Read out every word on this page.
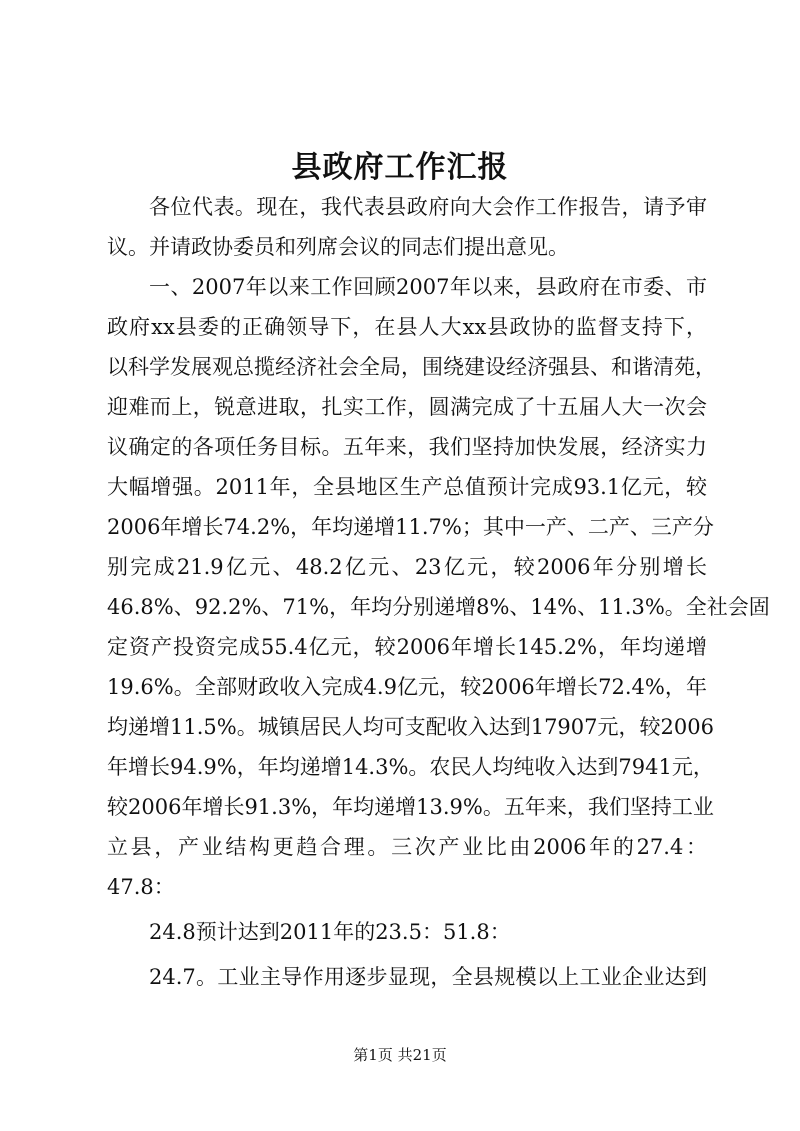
县政府工作汇报

各位代表。现在，我代表县政府向大会作工作报告，请予审

议。并请政协委员和列席会议的同志们提出意见。

一、2007年以来工作回顾2007年以来，县政府在市委、市

政府xx县委的正确领导下，在县人大xx县政协的监督支持下，

以科学发展观总揽经济社会全局，围绕建设经济强县、和谐清苑，

迎难而上，锐意进取，扎实工作，圆满完成了十五届人大一次会

议确定的各项任务目标。五年来，我们坚持加快发展，经济实力

大幅增强。2011年，全县地区生产总值预计完成93.1亿元，较

2006年增长74.2%，年均递增11.7%；其中一产、二产、三产分

别完成21.9亿元、48.2亿元、23亿元，较2006年分别增长

46.8%、92.2%、71%，年均分别递增8%、14%、11.3%。全社会固

定资产投资完成55.4亿元，较2006年增长145.2%，年均递增

19.6%。全部财政收入完成4.9亿元，较2006年增长72.4%，年

均递增11.5%。城镇居民人均可支配收入达到17907元，较2006

年增长94.9%，年均递增14.3%。农民人均纯收入达到7941元，

较2006年增长91.3%，年均递增13.9%。五年来，我们坚持工业

立县，产业结构更趋合理。三次产业比由2006年的27.4：

47.8：

24.8预计达到2011年的23.5：51.8：

24.7。工业主导作用逐步显现，全县规模以上工业企业达到

第1页 共21页
